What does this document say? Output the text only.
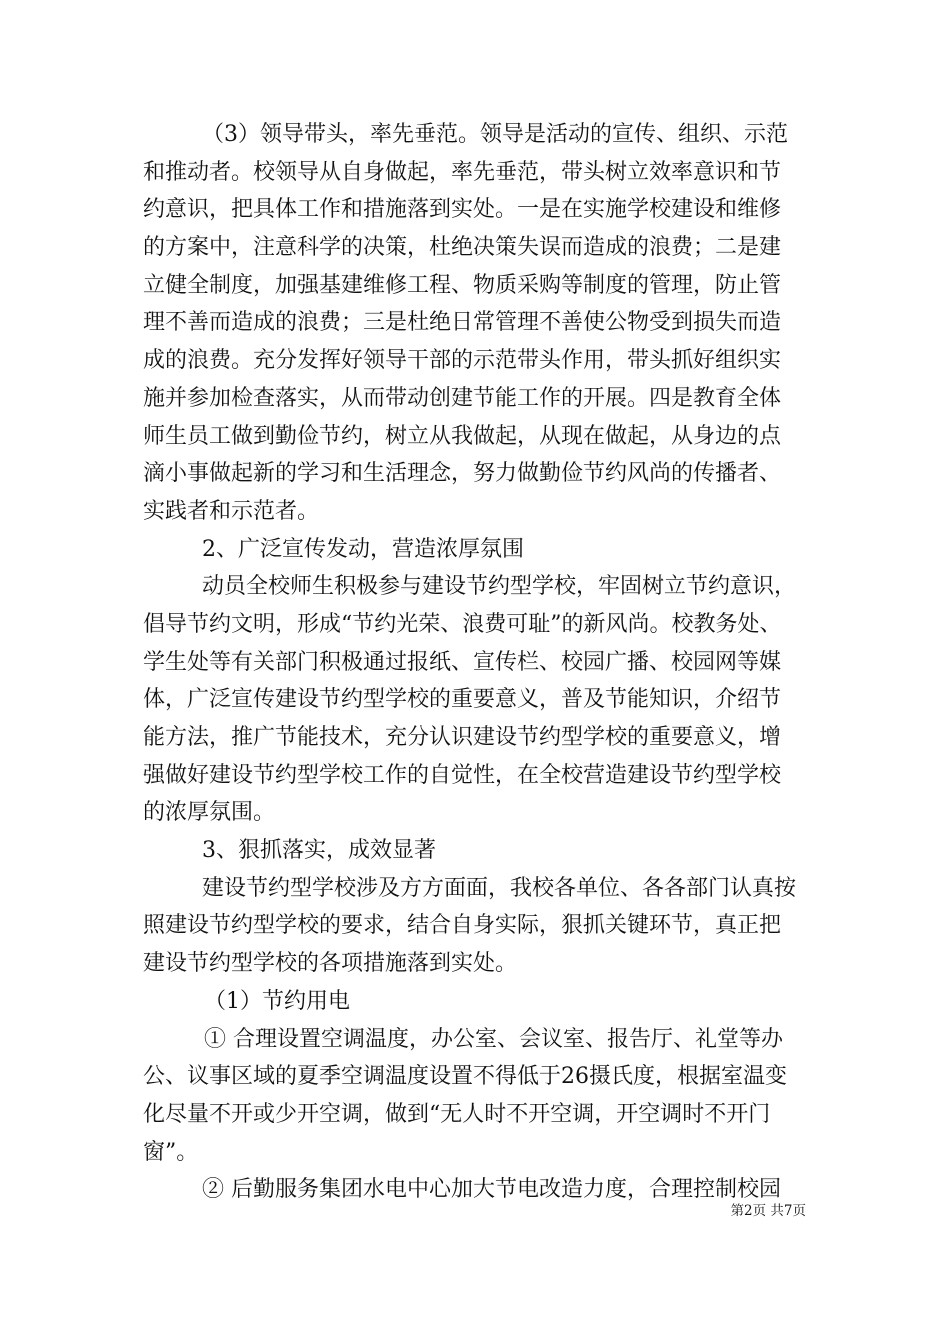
（3）领导带头，率先垂范。领导是活动的宣传、组织、示范
和推动者。校领导从自身做起，率先垂范，带头树立效率意识和节
约意识，把具体工作和措施落到实处。一是在实施学校建设和维修
的方案中，注意科学的决策，杜绝决策失误而造成的浪费；二是建
立健全制度，加强基建维修工程、物质采购等制度的管理，防止管
理不善而造成的浪费；三是杜绝日常管理不善使公物受到损失而造
成的浪费。充分发挥好领导干部的示范带头作用，带头抓好组织实
施并参加检查落实，从而带动创建节能工作的开展。四是教育全体
师生员工做到勤俭节约，树立从我做起，从现在做起，从身边的点
滴小事做起新的学习和生活理念，努力做勤俭节约风尚的传播者、
实践者和示范者。
2、广泛宣传发动，营造浓厚氛围
动员全校师生积极参与建设节约型学校，牢固树立节约意识，
倡导节约文明，形成“节约光荣、浪费可耻”的新风尚。校教务处、
学生处等有关部门积极通过报纸、宣传栏、校园广播、校园网等媒
体，广泛宣传建设节约型学校的重要意义，普及节能知识，介绍节
能方法，推广节能技术，充分认识建设节约型学校的重要意义，增
强做好建设节约型学校工作的自觉性，在全校营造建设节约型学校
的浓厚氛围。
3、狠抓落实，成效显著
建设节约型学校涉及方方面面，我校各单位、各各部门认真按
照建设节约型学校的要求，结合自身实际，狠抓关键环节，真正把
建设节约型学校的各项措施落到实处。
（1）节约用电
① 合理设置空调温度，办公室、会议室、报告厅、礼堂等办
公、议事区域的夏季空调温度设置不得低于26摄氏度，根据室温变
化尽量不开或少开空调，做到“无人时不开空调，开空调时不开门
窗”。
② 后勤服务集团水电中心加大节电改造力度，合理控制校园
第2页 共7页
